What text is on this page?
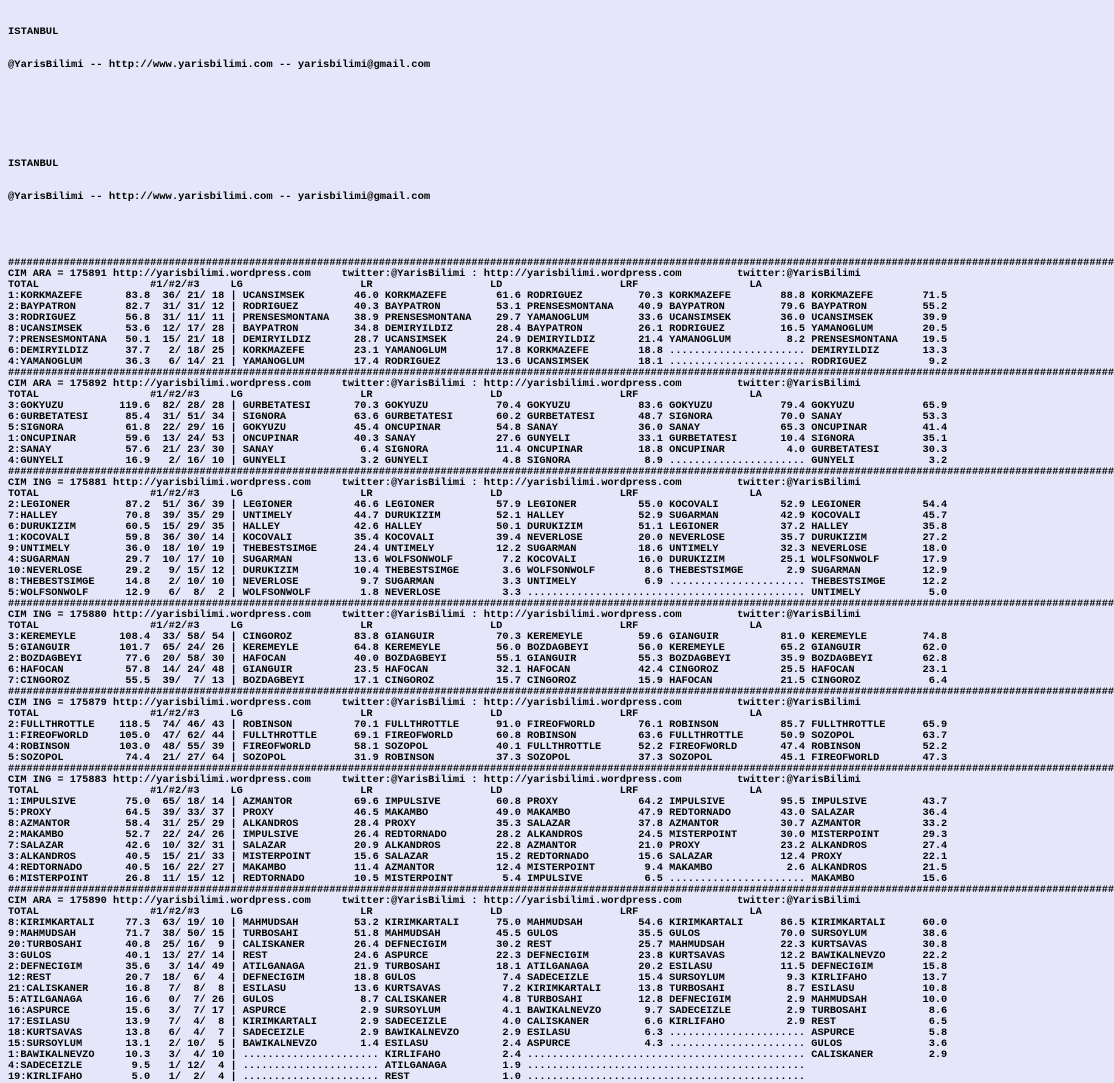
ISTANBUL

@YarisBilimi -- http://www.yarisbilimi.com -- yarisbilimi@gmail.com

ISTANBUL

@YarisBilimi -- http://www.yarisbilimi.com -- yarisbilimi@gmail.com

###################################################################################################################################################################################
CIM ARA = 175891 http://yarisbilimi.wordpress.com     twitter:@YarisBilimi : http://yarisbilimi.wordpress.com         twitter:@YarisBilimi
TOTAL                  #1/#2/#3     LG                   LR                   LD                   LRF                  LA
1:KORKMAZEFE       83.8  36/ 21/ 18 | UCANSIMSEK        46.0 KORKMAZEFE        61.6 RODRIGUEZ         70.3 KORKMAZEFE        88.8 KORKMAZEFE        71.5
2:BAYPATRON        82.7  31/ 31/ 12 | RODRIGUEZ         40.3 BAYPATRON         53.1 PRENSESMONTANA    40.9 BAYPATRON         79.6 BAYPATRON         55.2
3:RODRIGUEZ        56.8  31/ 11/ 11 | PRENSESMONTANA    38.9 PRENSESMONTANA    29.7 YAMANOGLUM        33.6 UCANSIMSEK        36.0 UCANSIMSEK        39.9
8:UCANSIMSEK       53.6  12/ 17/ 28 | BAYPATRON         34.8 DEMIRYILDIZ       28.4 BAYPATRON         26.1 RODRIGUEZ         16.5 YAMANOGLUM        20.5
7:PRENSESMONTANA   50.1  15/ 21/ 18 | DEMIRYILDIZ       28.7 UCANSIMSEK        24.9 DEMIRYILDIZ       21.4 YAMANOGLUM         8.2 PRENSESMONTANA    19.5
6:DEMIRYILDIZ      37.7   2/ 18/ 25 | KORKMAZEFE        23.1 YAMANOGLUM        17.8 KORKMAZEFE        18.8 ...................... DEMIRYILDIZ       13.3
4:YAMANOGLUM       36.3   6/ 14/ 21 | YAMANOGLUM        17.4 RODRIGUEZ         13.6 UCANSIMSEK        18.1 ...................... RODRIGUEZ          9.2
###################################################################################################################################################################################
CIM ARA = 175892 http://yarisbilimi.wordpress.com     twitter:@YarisBilimi : http://yarisbilimi.wordpress.com         twitter:@YarisBilimi
TOTAL                  #1/#2/#3     LG                   LR                   LD                   LRF                  LA
3:GOKYUZU         119.6  82/ 28/ 28 | GURBETATESI       70.3 GOKYUZU           70.4 GOKYUZU           83.6 GOKYUZU           79.4 GOKYUZU           65.9
6:GURBETATESI      85.4  31/ 51/ 34 | SIGNORA           63.6 GURBETATESI       60.2 GURBETATESI       48.7 SIGNORA           70.0 SANAY             53.3
5:SIGNORA          61.8  22/ 29/ 16 | GOKYUZU           45.4 ONCUPINAR         54.8 SANAY             36.0 SANAY             65.3 ONCUPINAR         41.4
1:ONCUPINAR        59.6  13/ 24/ 53 | ONCUPINAR         40.3 SANAY             27.6 GUNYELI           33.1 GURBETATESI       10.4 SIGNORA           35.1
2:SANAY            57.6  21/ 23/ 30 | SANAY              6.4 SIGNORA           11.4 ONCUPINAR         18.8 ONCUPINAR          4.0 GURBETATESI       30.3
4:GUNYELI          16.9   2/ 16/ 10 | GUNYELI            3.2 GUNYELI            4.8 SIGNORA            8.9 ...................... GUNYELI            3.2
###################################################################################################################################################################################
CIM ING = 175881 http://yarisbilimi.wordpress.com     twitter:@YarisBilimi : http://yarisbilimi.wordpress.com         twitter:@YarisBilimi
TOTAL                  #1/#2/#3     LG                   LR                   LD                   LRF                  LA
2:LEGIONER         87.2  51/ 36/ 39 | LEGIONER          46.6 LEGIONER          57.9 LEGIONER          55.0 KOCOVALI          52.9 LEGIONER          54.4
7:HALLEY           70.8  39/ 35/ 29 | UNTIMELY          44.7 DURUKIZIM         52.1 HALLEY            52.9 SUGARMAN          42.9 KOCOVALI          45.7
6:DURUKIZIM        60.5  15/ 29/ 35 | HALLEY            42.6 HALLEY            50.1 DURUKIZIM         51.1 LEGIONER          37.2 HALLEY            35.8
1:KOCOVALI         59.8  36/ 30/ 14 | KOCOVALI          35.4 KOCOVALI          39.4 NEVERLOSE         20.0 NEVERLOSE         35.7 DURUKIZIM         27.2
9:UNTIMELY         36.0  18/ 10/ 19 | THEBESTSIMGE      24.4 UNTIMELY          12.2 SUGARMAN          18.6 UNTIMELY          32.3 NEVERLOSE         18.0
4:SUGARMAN         29.7  10/ 17/ 10 | SUGARMAN          13.6 WOLFSONWOLF        7.2 KOCOVALI          16.0 DURUKIZIM         25.1 WOLFSONWOLF       17.9
10:NEVERLOSE       29.2   9/ 15/ 12 | DURUKIZIM         10.4 THEBESTSIMGE       3.6 WOLFSONWOLF        8.6 THEBESTSIMGE       2.9 SUGARMAN          12.9
8:THEBESTSIMGE     14.8   2/ 10/ 10 | NEVERLOSE          9.7 SUGARMAN           3.3 UNTIMELY           6.9 ...................... THEBESTSIMGE      12.2
5:WOLFSONWOLF      12.9   6/  8/  2 | WOLFSONWOLF        1.8 NEVERLOSE          3.3 ............................................. UNTIMELY           5.0
###################################################################################################################################################################################
CIM ING = 175880 http://yarisbilimi.wordpress.com     twitter:@YarisBilimi : http://yarisbilimi.wordpress.com         twitter:@YarisBilimi
TOTAL                  #1/#2/#3     LG                   LR                   LD                   LRF                  LA
3:KEREMEYLE       108.4  33/ 58/ 54 | CINGOROZ          83.8 GIANGUIR          70.3 KEREMEYLE         59.6 GIANGUIR          81.0 KEREMEYLE         74.8
5:GIANGUIR        101.7  65/ 24/ 26 | KEREMEYLE         64.8 KEREMEYLE         56.0 BOZDAGBEYI        56.0 KEREMEYLE         65.2 GIANGUIR          62.0
2:BOZDAGBEYI       77.6  20/ 58/ 30 | HAFOCAN           40.0 BOZDAGBEYI        55.1 GIANGUIR          55.3 BOZDAGBEYI        35.9 BOZDAGBEYI        62.8
6:HAFOCAN          57.8  14/ 24/ 48 | GIANGUIR          23.5 HAFOCAN           32.1 HAFOCAN           42.4 CINGOROZ          25.5 HAFOCAN           23.1
7:CINGOROZ         55.5  39/  7/ 13 | BOZDAGBEYI        17.1 CINGOROZ          15.7 CINGOROZ          15.9 HAFOCAN           21.5 CINGOROZ           6.4
###################################################################################################################################################################################
CIM ING = 175879 http://yarisbilimi.wordpress.com     twitter:@YarisBilimi : http://yarisbilimi.wordpress.com         twitter:@YarisBilimi
TOTAL                  #1/#2/#3     LG                   LR                   LD                   LRF                  LA
2:FULLTHROTTLE    118.5  74/ 46/ 43 | ROBINSON          70.1 FULLTHROTTLE      91.0 FIREOFWORLD       76.1 ROBINSON          85.7 FULLTHROTTLE      65.9
1:FIREOFWORLD     105.0  47/ 62/ 44 | FULLTHROTTLE      69.1 FIREOFWORLD       60.8 ROBINSON          63.6 FULLTHROTTLE      50.9 SOZOPOL           63.7
4:ROBINSON        103.0  48/ 55/ 39 | FIREOFWORLD       58.1 SOZOPOL           40.1 FULLTHROTTLE      52.2 FIREOFWORLD       47.4 ROBINSON          52.2
5:SOZOPOL          74.4  21/ 27/ 64 | SOZOPOL           31.9 ROBINSON          37.3 SOZOPOL           37.3 SOZOPOL           45.1 FIREOFWORLD       47.3
###################################################################################################################################################################################
CIM ING = 175883 http://yarisbilimi.wordpress.com     twitter:@YarisBilimi : http://yarisbilimi.wordpress.com         twitter:@YarisBilimi
TOTAL                  #1/#2/#3     LG                   LR                   LD                   LRF                  LA
1:IMPULSIVE        75.0  65/ 18/ 14 | AZMANTOR          69.6 IMPULSIVE         60.8 PROXY             64.2 IMPULSIVE         95.5 IMPULSIVE         43.7
5:PROXY            64.5  39/ 33/ 37 | PROXY             46.5 MAKAMBO           49.0 MAKAMBO           47.9 REDTORNADO        43.0 SALAZAR           36.4
8:AZMANTOR         58.4  31/ 25/ 29 | ALKANDROS         28.4 PROXY             35.3 SALAZAR           37.8 AZMANTOR          30.7 AZMANTOR          33.2
2:MAKAMBO          52.7  22/ 24/ 26 | IMPULSIVE         26.4 REDTORNADO        28.2 ALKANDROS         24.5 MISTERPOINT       30.0 MISTERPOINT       29.3
7:SALAZAR          42.6  10/ 32/ 31 | SALAZAR           20.9 ALKANDROS         22.8 AZMANTOR          21.0 PROXY             23.2 ALKANDROS         27.4
3:ALKANDROS        40.5  15/ 21/ 33 | MISTERPOINT       15.6 SALAZAR           15.2 REDTORNADO        15.6 SALAZAR           12.4 PROXY             22.1
4:REDTORNADO       40.5  16/ 22/ 27 | MAKAMBO           11.4 AZMANTOR          12.4 MISTERPOINT        9.4 MAKAMBO            2.6 ALKANDROS         21.5
6:MISTERPOINT      26.8  11/ 15/ 12 | REDTORNADO        10.5 MISTERPOINT        5.4 IMPULSIVE          6.5 ...................... MAKAMBO           15.6
###################################################################################################################################################################################
CIM ARA = 175890 http://yarisbilimi.wordpress.com     twitter:@YarisBilimi : http://yarisbilimi.wordpress.com         twitter:@YarisBilimi
TOTAL                  #1/#2/#3     LG                   LR                   LD                   LRF                  LA
8:KIRIMKARTALI     77.3  63/ 19/ 10 | MAHMUDSAH         53.2 KIRIMKARTALI      75.0 MAHMUDSAH         54.6 KIRIMKARTALI      86.5 KIRIMKARTALI      60.0
9:MAHMUDSAH        71.7  38/ 50/ 15 | TURBOSAHI         51.8 MAHMUDSAH         45.5 GULOS             35.5 GULOS             70.0 SURSOYLUM         38.6
20:TURBOSAHI       40.8  25/ 16/  9 | CALISKANER        26.4 DEFNECIGIM        30.2 REST              25.7 MAHMUDSAH         22.3 KURTSAVAS         30.8
3:GULOS            40.1  13/ 27/ 14 | REST              24.6 ASPURCE           22.3 DEFNECIGIM        23.8 KURTSAVAS         12.2 BAWIKALNEVZO      22.2
2:DEFNECIGIM       35.6   3/ 14/ 49 | ATILGANAGA        21.9 TURBOSAHI         18.1 ATILGANAGA        20.2 ESILASU           11.5 DEFNECIGIM        15.8
12:REST            20.7  18/  6/  4 | DEFNECIGIM        18.8 GULOS              7.4 SADECEIZLE        15.4 SURSOYLUM          9.3 KIRLIFAHO         13.7
21:CALISKANER      16.8   7/  8/  8 | ESILASU           13.6 KURTSAVAS          7.2 KIRIMKARTALI      13.8 TURBOSAHI          8.7 ESILASU           10.8
5:ATILGANAGA       16.6   0/  7/ 26 | GULOS              8.7 CALISKANER         4.8 TURBOSAHI         12.8 DEFNECIGIM         2.9 MAHMUDSAH         10.0
16:ASPURCE         15.6   3/  7/ 17 | ASPURCE            2.9 SURSOYLUM          4.1 BAWIKALNEVZO       9.7 SADECEIZLE         2.9 TURBOSAHI          8.6
17:ESILASU         13.9   7/  4/  8 | KIRIMKARTALI       2.9 SADECEIZLE         4.0 CALISKANER         6.6 KIRLIFAHO          2.9 REST               6.5
18:KURTSAVAS       13.8   6/  4/  7 | SADECEIZLE         2.9 BAWIKALNEVZO       2.9 ESILASU            6.3 ...................... ASPURCE            5.8
15:SURSOYLUM       13.1   2/ 10/  5 | BAWIKALNEVZO       1.4 ESILASU            2.4 ASPURCE            4.3 ...................... GULOS              3.6
1:BAWIKALNEVZO     10.3   3/  4/ 10 | ...................... KIRLIFAHO          2.4 ............................................. CALISKANER         2.9
4:SADECEIZLE        9.5   1/ 12/  4 | ...................... ATILGANAGA         1.9 .............................................
19:KIRLIFAHO        5.0   1/  2/  4 | ...................... REST               1.0 .............................................
